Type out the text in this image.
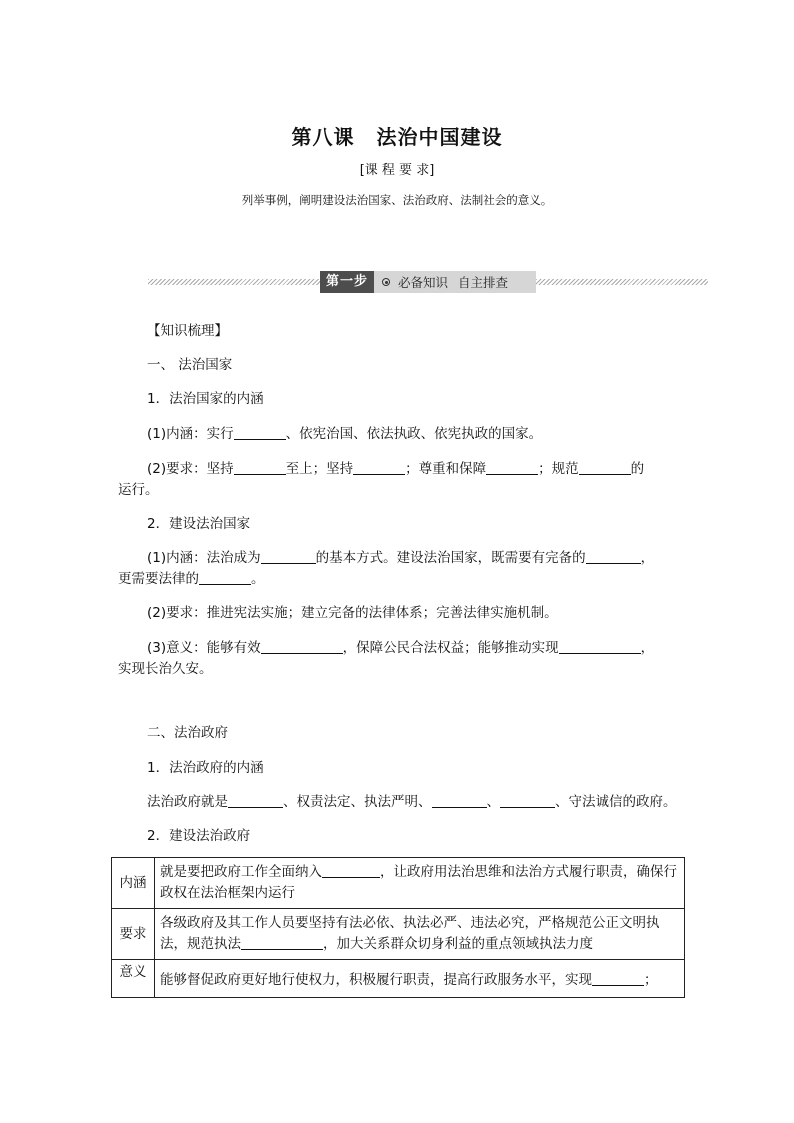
第八课 法治中国建设
[课 程 要 求]
列举事例，阐明建设法治国家、法治政府、法制社会的意义。
第一步	必备知识 自主排查
【知识梳理】
一、 法治国家
1．法治国家的内涵
(1)内涵：实行	、依宪治国、依法执政、依宪执政的国家。
(2)要求：坚持	至上；坚持	；尊重和保障	；规范	的
运行。
2．建设法治国家
(1)内涵：法治成为	的基本方式。建设法治国家，既需要有完备的	，
更需要法律的	。
(2)要求：推进宪法实施；建立完备的法律体系；完善法律实施机制。
(3)意义：能够有效	，保障公民合法权益；能够推动实现	，
实现长治久安。
二、法治政府
1．法治政府的内涵
法治政府就是	、权责法定、执法严明、	、	、守法诚信的政府。
2．建设法治政府
内涵	就是要把政府工作全面纳入 ，让政府用法治思维和法治方式履行职责，确保行政权在法治框架内运行
要求	各级政府及其工作人员要坚持有法必依、执法必严、违法必究，严格规范公正文明执法，规范执法 ，加大关系群众切身利益的重点领域执法力度
意义	能够督促政府更好地行使权力，积极履行职责，提高行政服务水平，实现 ；
